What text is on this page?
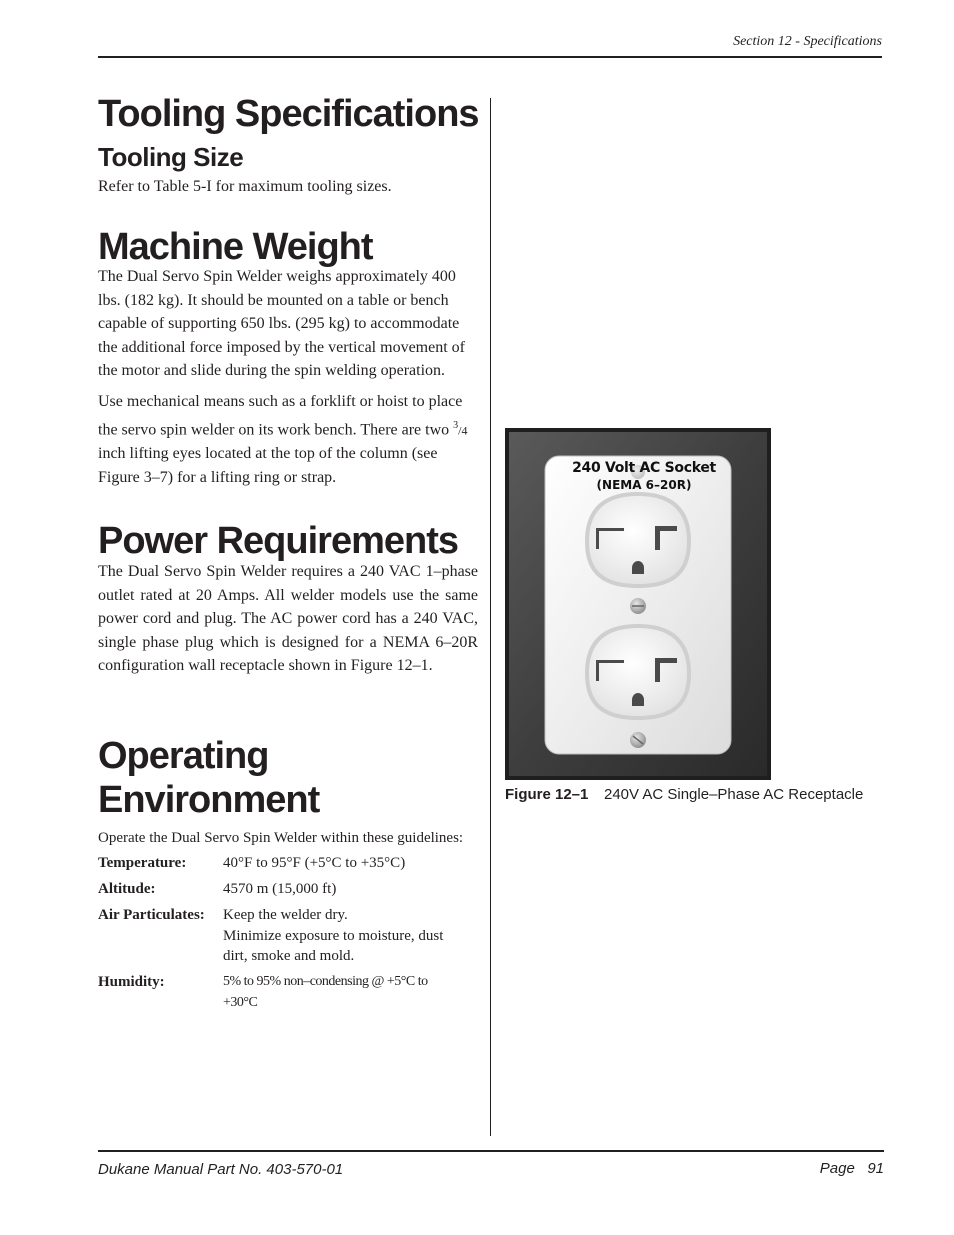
Section 12 - Specifications
Tooling Specifications
Tooling Size

Refer to Table 5-I for maximum tooling sizes.

Machine Weight

The Dual Servo Spin Welder weighs approximately 400 lbs. (182 kg). It should be mounted on a table or bench capable of supporting 650 lbs. (295 kg) to accommodate the additional force imposed by the vertical movement of the motor and slide during the spin welding operation.

Use mechanical means such as a forklift or hoist to place the servo spin welder on its work bench. There are two $^3$/4 inch lifting eyes located at the top of the column (see Figure 3–7) for a lifting ring or strap.

Power Requirements

The Dual Servo Spin Welder requires a 240 VAC 1–phase outlet rated at 20 Amps. All welder models use the same power cord and plug. The AC power cord has a 240 VAC, single phase plug which is designed for a NEMA 6–20R configuration wall receptacle shown in Figure 12–1.

Operating
Environment

Operate the Dual Servo Spin Welder within these guidelines:

Temperature: 40°F to 95°F (+5°C to +35°C)
Altitude:	4570 m (15,000 ft)
Air Particulates: Keep the welder dry.
Minimize exposure to moisture, dust dirt, smoke and mold.
Humidity:	5% to 95% non–condensing @ +5°C to +30°C
240 Volt AC Socket
(NEMA 6–20R)
Figure 12–1 240V AC Single–Phase AC Receptacle
Dukane Manual Part No. 403-570-01	Page 91
